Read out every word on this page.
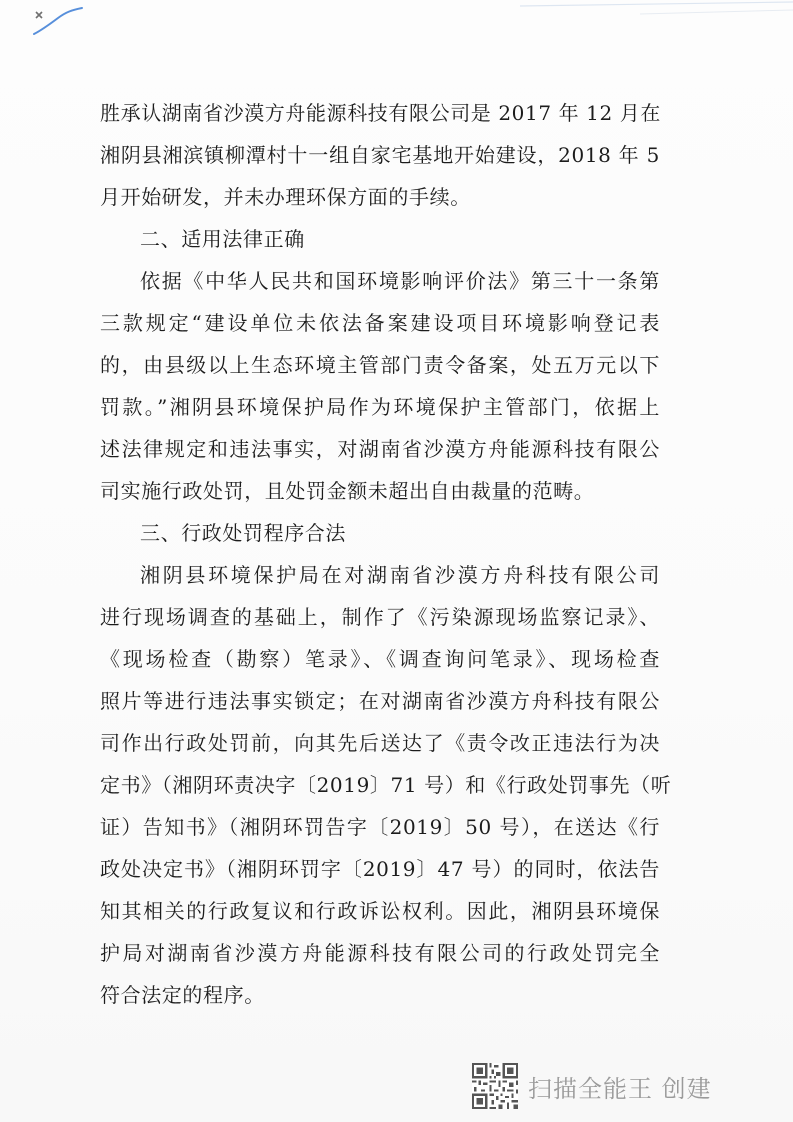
胜承认湖南省沙漠方舟能源科技有限公司是 2017 年 12 月在
湘阴县湘滨镇柳潭村十一组自家宅基地开始建设，2018 年 5
月开始研发，并未办理环保方面的手续。
二、适用法律正确
依据《中华人民共和国环境影响评价法》第三十一条第
三款规定“建设单位未依法备案建设项目环境影响登记表
的，由县级以上生态环境主管部门责令备案，处五万元以下
罚款。”湘阴县环境保护局作为环境保护主管部门，依据上
述法律规定和违法事实，对湖南省沙漠方舟能源科技有限公
司实施行政处罚，且处罚金额未超出自由裁量的范畴。
三、行政处罚程序合法
湘阴县环境保护局在对湖南省沙漠方舟科技有限公司
进行现场调查的基础上，制作了《污染源现场监察记录》、
《现场检查（勘察）笔录》、《调查询问笔录》、现场检查
照片等进行违法事实锁定；在对湖南省沙漠方舟科技有限公
司作出行政处罚前，向其先后送达了《责令改正违法行为决
定书》（湘阴环责决字〔2019〕71 号）和《行政处罚事先（听
证）告知书》（湘阴环罚告字〔2019〕50 号），在送达《行
政处决定书》（湘阴环罚字〔2019〕47 号）的同时，依法告
知其相关的行政复议和行政诉讼权利。因此，湘阴县环境保
护局对湖南省沙漠方舟能源科技有限公司的行政处罚完全
符合法定的程序。
扫描全能王 创建
